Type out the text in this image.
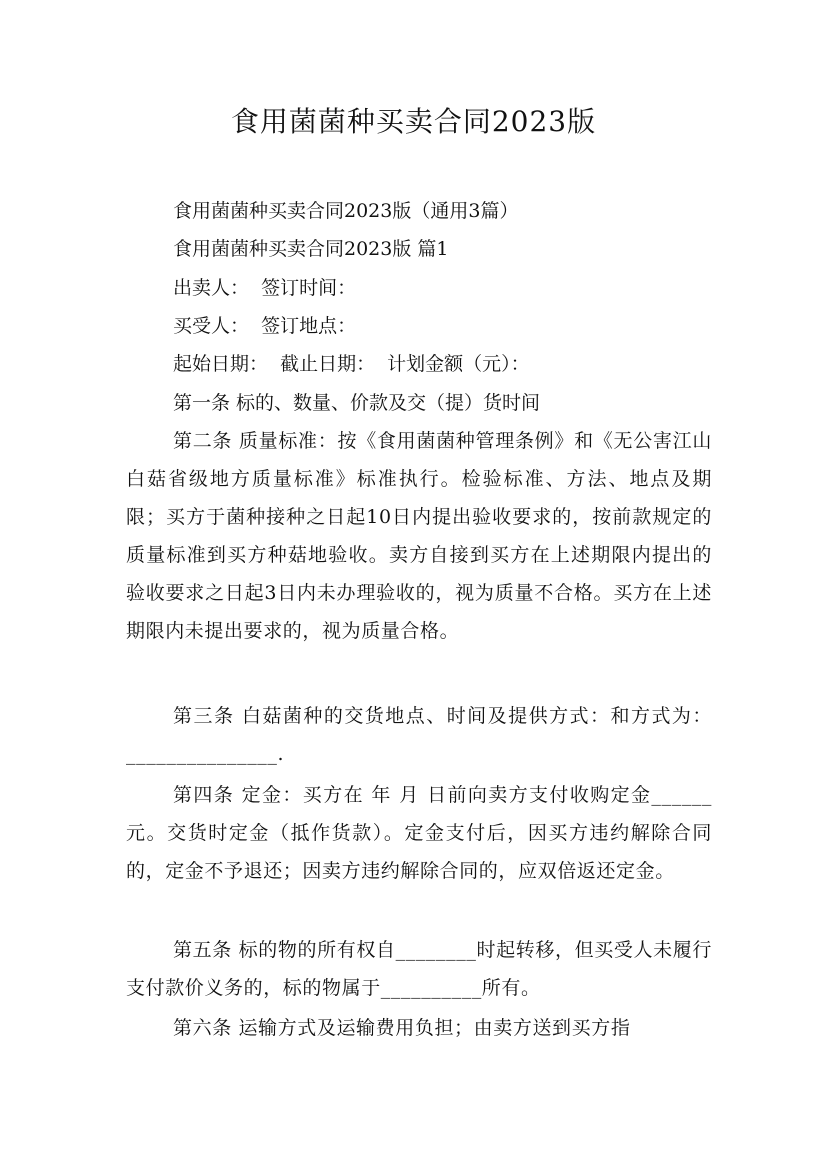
食用菌菌种买卖合同2023版
食用菌菌种买卖合同2023版（通用3篇）
食用菌菌种买卖合同2023版 篇1
出卖人：  签订时间：
买受人：  签订地点：
起始日期：  截止日期：  计划金额（元）：
第一条 标的、数量、价款及交（提）货时间
第二条 质量标准：按《食用菌菌种管理条例》和《无公害江山白菇省级地方质量标准》标准执行。检验标准、方法、地点及期限；买方于菌种接种之日起10日内提出验收要求的，按前款规定的质量标准到买方种菇地验收。卖方自接到买方在上述期限内提出的验收要求之日起3日内未办理验收的，视为质量不合格。买方在上述期限内未提出要求的，视为质量合格。
第三条 白菇菌种的交货地点、时间及提供方式：和方式为：_______________.
第四条 定金：买方在 年 月 日前向卖方支付收购定金______元。交货时定金（抵作货款）。定金支付后，因买方违约解除合同的，定金不予退还；因卖方违约解除合同的，应双倍返还定金。
第五条 标的物的所有权自________时起转移，但买受人未履行支付款价义务的，标的物属于__________所有。
第六条 运输方式及运输费用负担；由卖方送到买方指
